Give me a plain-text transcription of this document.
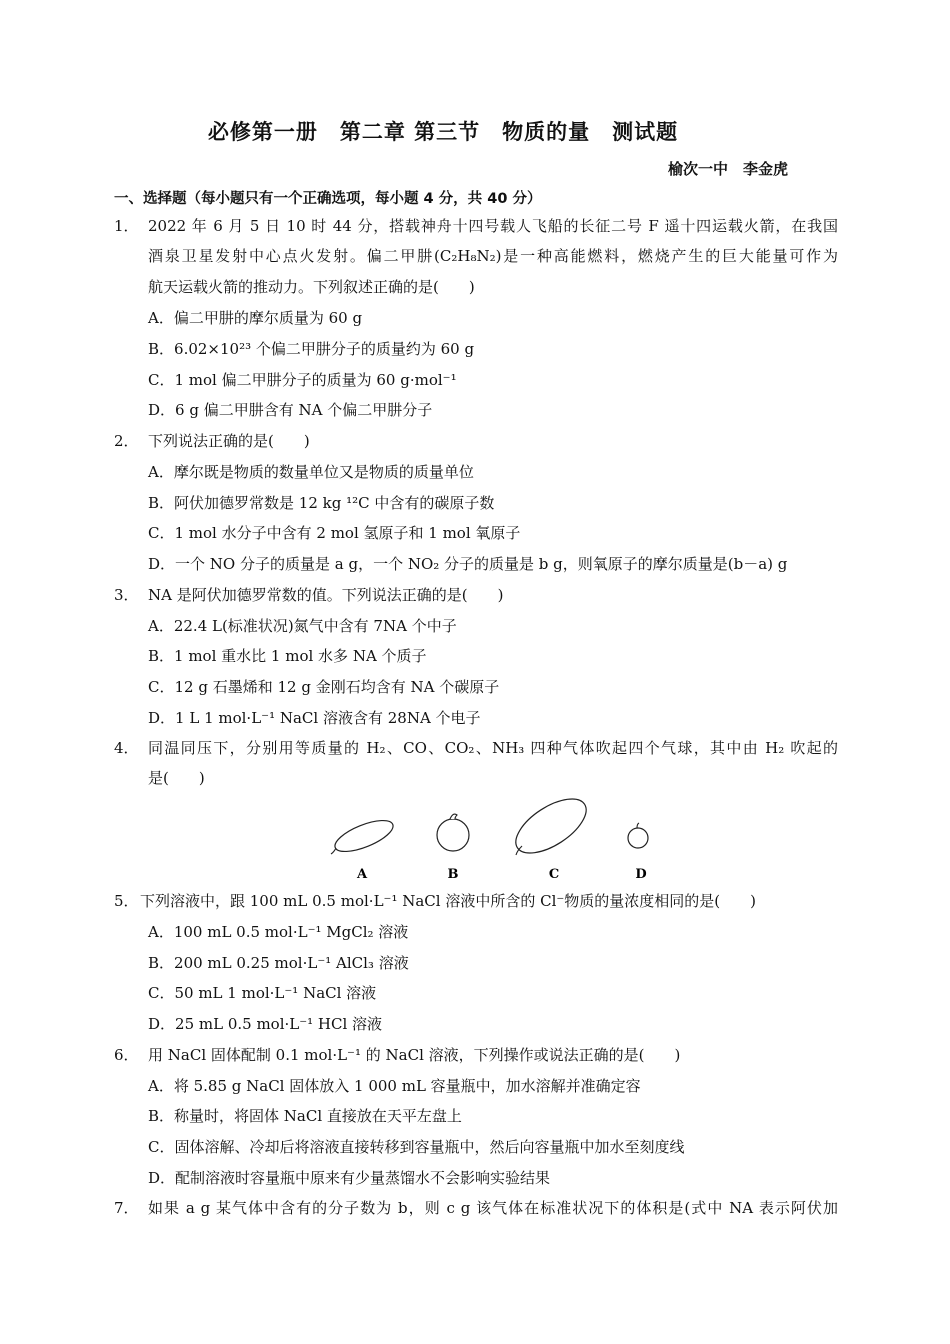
必修第一册　第二章 第三节　物质的量　测试题
榆次一中　李金虎
一、选择题（每小题只有一个正确选项，每小题 4 分，共 40 分）
1． 2022 年 6 月 5 日 10 时 44 分，搭载神舟十四号载人飞船的长征二号 F 遥十四运载火箭，在我国
酒泉卫星发射中心点火发射。偏二甲肼(C₂H₈N₂)是一种高能燃料，燃烧产生的巨大能量可作为
航天运载火箭的推动力。下列叙述正确的是(　　)
A．偏二甲肼的摩尔质量为 60 g
B．6.02×10²³ 个偏二甲肼分子的质量约为 60 g
C．1 mol 偏二甲肼分子的质量为 60 g·mol⁻¹
D．6 g 偏二甲肼含有 NA 个偏二甲肼分子
2． 下列说法正确的是(　　)
A．摩尔既是物质的数量单位又是物质的质量单位
B．阿伏加德罗常数是 12 kg ¹²C 中含有的碳原子数
C．1 mol 水分子中含有 2 mol 氢原子和 1 mol 氧原子
D．一个 NO 分子的质量是 a g，一个 NO₂ 分子的质量是 b g，则氧原子的摩尔质量是(b－a) g
3． NA 是阿伏加德罗常数的值。下列说法正确的是(　　)
A．22.4 L(标准状况)氮气中含有 7NA 个中子
B．1 mol 重水比 1 mol 水多 NA 个质子
C．12 g 石墨烯和 12 g 金刚石均含有 NA 个碳原子
D．1 L 1 mol·L⁻¹ NaCl 溶液含有 28NA 个电子
4． 同温同压下，分别用等质量的 H₂、CO、CO₂、NH₃ 四种气体吹起四个气球，其中由 H₂ 吹起的
是(　　)
A	B	C	D
5． 下列溶液中，跟 100 mL 0.5 mol·L⁻¹ NaCl 溶液中所含的 Cl⁻物质的量浓度相同的是(　　)
A．100 mL 0.5 mol·L⁻¹ MgCl₂ 溶液
B．200 mL 0.25 mol·L⁻¹ AlCl₃ 溶液
C．50 mL 1 mol·L⁻¹ NaCl 溶液
D．25 mL 0.5 mol·L⁻¹ HCl 溶液
6． 用 NaCl 固体配制 0.1 mol·L⁻¹ 的 NaCl 溶液，下列操作或说法正确的是(　　)
A．将 5.85 g NaCl 固体放入 1 000 mL 容量瓶中，加水溶解并准确定容
B．称量时，将固体 NaCl 直接放在天平左盘上
C．固体溶解、冷却后将溶液直接转移到容量瓶中，然后向容量瓶中加水至刻度线
D．配制溶液时容量瓶中原来有少量蒸馏水不会影响实验结果
7． 如果 a g 某气体中含有的分子数为 b，则 c g 该气体在标准状况下的体积是(式中 NA 表示阿伏加
